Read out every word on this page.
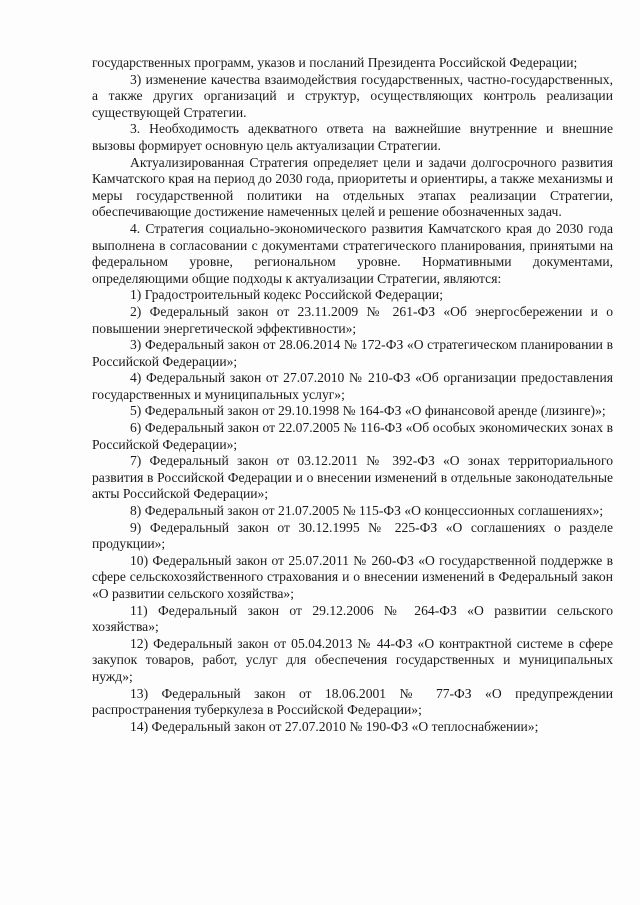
государственных программ, указов и посланий Президента Российской Федерации;

3) изменение качества взаимодействия государственных, частно-государственных, а также других организаций и структур, осуществляющих контроль реализации существующей Стратегии.

3. Необходимость адекватного ответа на важнейшие внутренние и внешние вызовы формирует основную цель актуализации Стратегии.

Актуализированная Стратегия определяет цели и задачи долгосрочного развития Камчатского края на период до 2030 года, приоритеты и ориентиры, а также механизмы и меры государственной политики на отдельных этапах реализации Стратегии, обеспечивающие достижение намеченных целей и решение обозначенных задач.

4. Стратегия социально-экономического развития Камчатского края до 2030 года выполнена в согласовании с документами стратегического планирования, принятыми на федеральном уровне, региональном уровне. Нормативными документами, определяющими общие подходы к актуализации Стратегии, являются:

1) Градостроительный кодекс Российской Федерации;

2) Федеральный закон от 23.11.2009 № 261-ФЗ «Об энергосбережении и о повышении энергетической эффективности»;

3) Федеральный закон от 28.06.2014 № 172-ФЗ «О стратегическом планировании в Российской Федерации»;

4) Федеральный закон от 27.07.2010 № 210-ФЗ «Об организации предоставления государственных и муниципальных услуг»;

5) Федеральный закон от 29.10.1998 № 164-ФЗ «О финансовой аренде (лизинге)»;

6) Федеральный закон от 22.07.2005 № 116-ФЗ «Об особых экономических зонах в Российской Федерации»;

7) Федеральный закон от 03.12.2011 № 392-ФЗ «О зонах территориального развития в Российской Федерации и о внесении изменений в отдельные законодательные акты Российской Федерации»;

8) Федеральный закон от 21.07.2005 № 115-ФЗ «О концессионных соглашениях»;

9) Федеральный закон от 30.12.1995 № 225-ФЗ «О соглашениях о разделе продукции»;

10) Федеральный закон от 25.07.2011 № 260-ФЗ «О государственной поддержке в сфере сельскохозяйственного страхования и о внесении изменений в Федеральный закон «О развитии сельского хозяйства»;

11) Федеральный закон от 29.12.2006 № 264-ФЗ «О развитии сельского хозяйства»;

12) Федеральный закон от 05.04.2013 № 44-ФЗ «О контрактной системе в сфере закупок товаров, работ, услуг для обеспечения государственных и муниципальных нужд»;

13) Федеральный закон от 18.06.2001 № 77-ФЗ «О предупреждении распространения туберкулеза в Российской Федерации»;

14) Федеральный закон от 27.07.2010 № 190-ФЗ «О теплоснабжении»;
